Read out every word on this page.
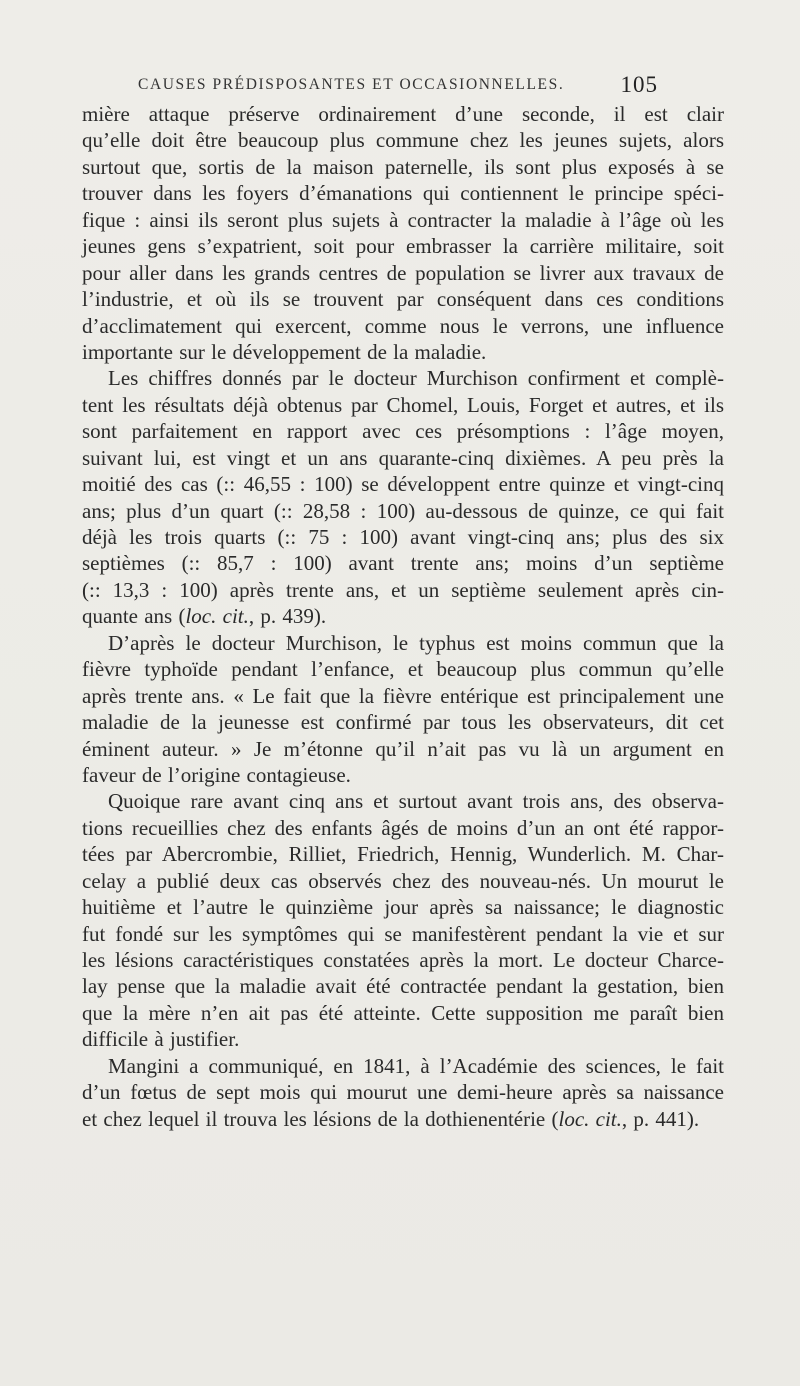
CAUSES PRÉDISPOSANTES ET OCCASIONNELLES. 105
mière attaque préserve ordinairement d’une seconde, il est clair
qu’elle doit être beaucoup plus commune chez les jeunes sujets, alors
surtout que, sortis de la maison paternelle, ils sont plus exposés à se
trouver dans les foyers d’émanations qui contiennent le principe spéci-
fique : ainsi ils seront plus sujets à contracter la maladie à l’âge où les
jeunes gens s’expatrient, soit pour embrasser la carrière militaire, soit
pour aller dans les grands centres de population se livrer aux travaux de
l’industrie, et où ils se trouvent par conséquent dans ces conditions
d’acclimatement qui exercent, comme nous le verrons, une influence
importante sur le développement de la maladie.
Les chiffres donnés par le docteur Murchison confirment et complè-
tent les résultats déjà obtenus par Chomel, Louis, Forget et autres, et ils
sont parfaitement en rapport avec ces présomptions : l’âge moyen,
suivant lui, est vingt et un ans quarante-cinq dixièmes. A peu près la
moitié des cas (:: 46,55 : 100) se développent entre quinze et vingt-cinq
ans; plus d’un quart (:: 28,58 : 100) au-dessous de quinze, ce qui fait
déjà les trois quarts (:: 75 : 100) avant vingt-cinq ans; plus des six
septièmes (:: 85,7 : 100) avant trente ans; moins d’un septième
(:: 13,3 : 100) après trente ans, et un septième seulement après cin-
quante ans (loc. cit., p. 439).
D’après le docteur Murchison, le typhus est moins commun que la
fièvre typhoïde pendant l’enfance, et beaucoup plus commun qu’elle
après trente ans. « Le fait que la fièvre entérique est principalement une
maladie de la jeunesse est confirmé par tous les observateurs, dit cet
éminent auteur. » Je m’étonne qu’il n’ait pas vu là un argument en
faveur de l’origine contagieuse.
Quoique rare avant cinq ans et surtout avant trois ans, des observa-
tions recueillies chez des enfants âgés de moins d’un an ont été rappor-
tées par Abercrombie, Rilliet, Friedrich, Hennig, Wunderlich. M. Char-
celay a publié deux cas observés chez des nouveau-nés. Un mourut le
huitième et l’autre le quinzième jour après sa naissance; le diagnostic
fut fondé sur les symptômes qui se manifestèrent pendant la vie et sur
les lésions caractéristiques constatées après la mort. Le docteur Charce-
lay pense que la maladie avait été contractée pendant la gestation, bien
que la mère n’en ait pas été atteinte. Cette supposition me paraît bien
difficile à justifier.
Mangini a communiqué, en 1841, à l’Académie des sciences, le fait
d’un fœtus de sept mois qui mourut une demi-heure après sa naissance
et chez lequel il trouva les lésions de la dothienentérie (loc. cit., p. 441).
